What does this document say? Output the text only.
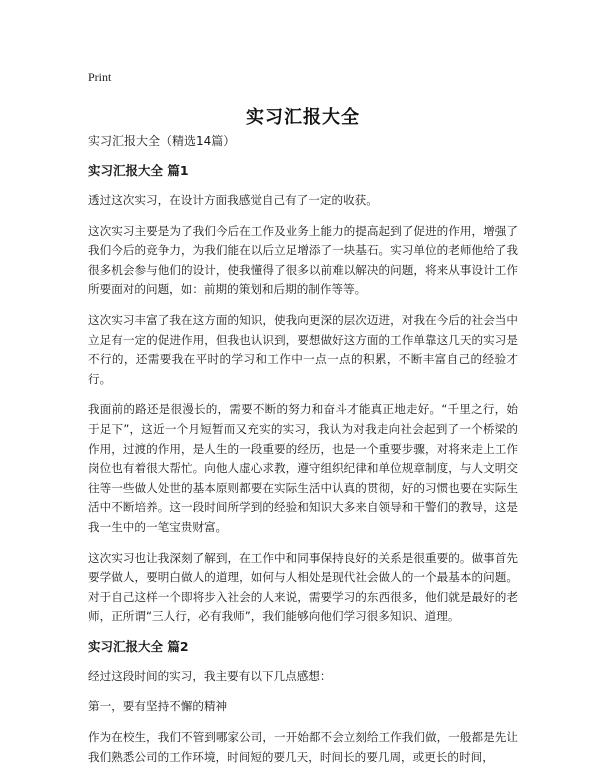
Print
实习汇报大全

实习汇报大全（精选14篇）

实习汇报大全 篇1

透过这次实习，在设计方面我感觉自己有了一定的收获。

这次实习主要是为了我们今后在工作及业务上能力的提高起到了促进的作用，增强了我们今后的竞争力，为我们能在以后立足增添了一块基石。实习单位的老师他给了我很多机会参与他们的设计，使我懂得了很多以前难以解决的问题，将来从事设计工作所要面对的问题，如：前期的策划和后期的制作等等。

这次实习丰富了我在这方面的知识，使我向更深的层次迈进，对我在今后的社会当中立足有一定的促进作用，但我也认识到，要想做好这方面的工作单靠这几天的实习是不行的，还需要我在平时的学习和工作中一点一点的积累，不断丰富自己的经验才行。

我面前的路还是很漫长的，需要不断的努力和奋斗才能真正地走好。“千里之行，始于足下”，这近一个月短暂而又充实的实习，我认为对我走向社会起到了一个桥梁的作用，过渡的作用，是人生的一段重要的经历，也是一个重要步骤，对将来走上工作岗位也有着很大帮忙。向他人虚心求教，遵守组织纪律和单位规章制度，与人文明交往等一些做人处世的基本原则都要在实际生活中认真的贯彻，好的习惯也要在实际生活中不断培养。这一段时间所学到的经验和知识大多来自领导和干警们的教导，这是我一生中的一笔宝贵财富。

这次实习也让我深刻了解到，在工作中和同事保持良好的关系是很重要的。做事首先要学做人，要明白做人的道理，如何与人相处是现代社会做人的一个最基本的问题。对于自己这样一个即将步入社会的人来说，需要学习的东西很多，他们就是最好的老师，正所谓“三人行，必有我师”，我们能够向他们学习很多知识、道理。

实习汇报大全 篇2

经过这段时间的实习，我主要有以下几点感想：

第一，要有坚持不懈的精神

作为在校生，我们不管到哪家公司，一开始都不会立刻给工作我们做，一般都是先让我们熟悉公司的工作环境，时间短的要几天，时间长的要几周，或更长的时间，
